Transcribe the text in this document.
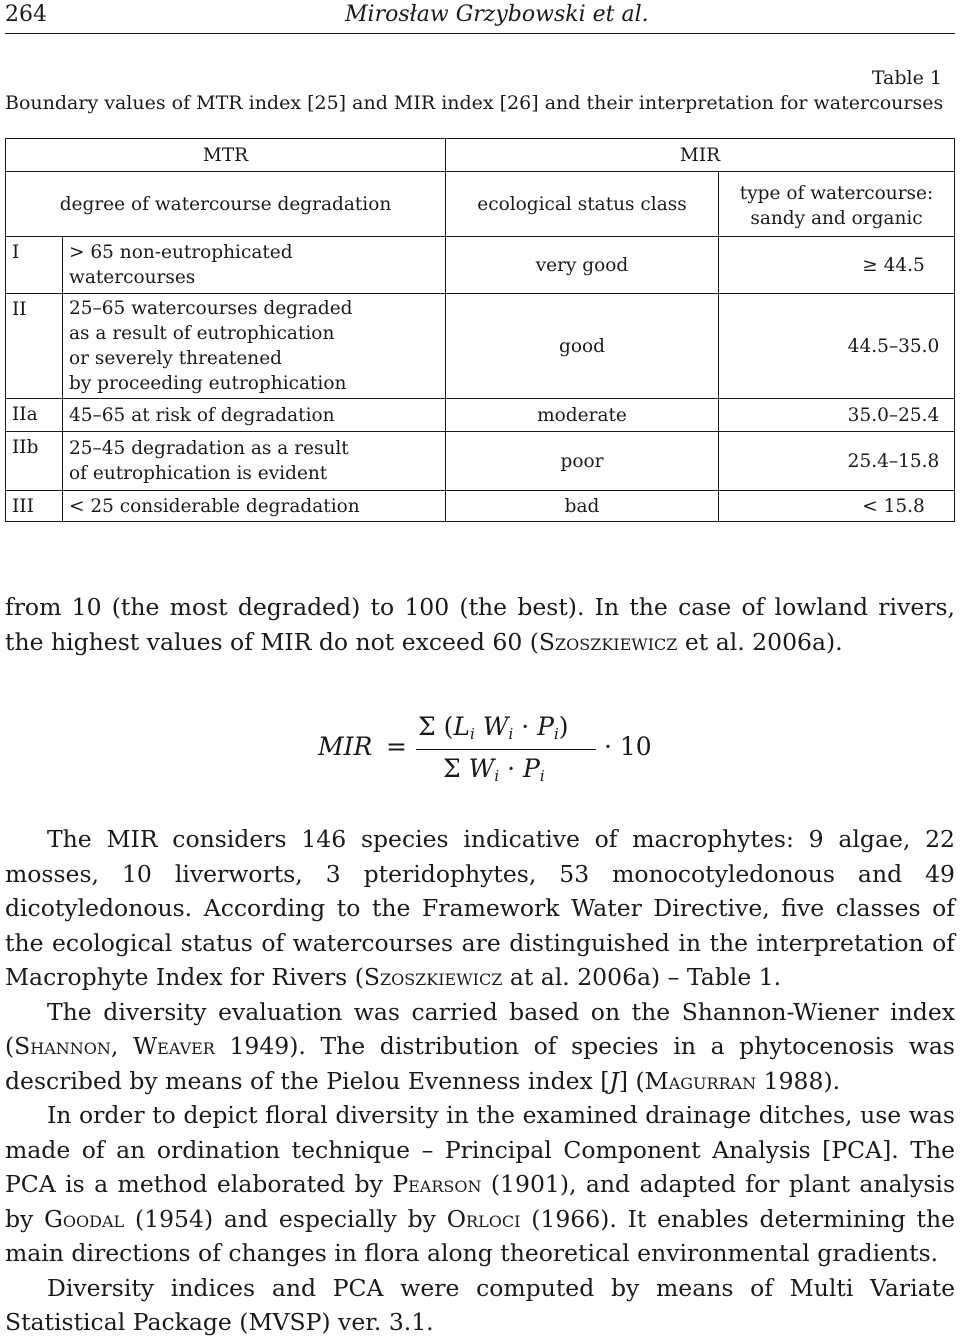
264	Mirosław Grzybowski et al.
Table 1
Boundary values of MTR index [25] and MIR index [26] and their interpretation for watercourses
MTR		MIR	
degree of watercourse degradation		ecological status class	type of watercourse:
sandy and organic

I	> 65 non-eutrophicated
watercourses	very good	≥ 44.5

II	25–65 watercourses degraded
as a result of eutrophication
or severely threatened
by proceeding eutrophication	good	44.5–35.0

IIa	45–65 at risk of degradation	moderate	35.0–25.4

IIb	25–45 degradation as a result
of eutrophication is evident	poor	25.4–15.8

III	< 25 considerable degradation	bad	< 15.8

from 10 (the most degraded) to 100 (the best). In the case of lowland rivers, the highest values of MIR do not exceed 60 (Szoszkiewicz et al. 2006a).

MIR =
Σ (Li Wi · Pi)
Σ Wi · Pi
· 10

The MIR considers 146 species indicative of macrophytes: 9 algae, 22 mosses, 10 liverworts, 3 pteridophytes, 53 monocotyledonous and 49 dicotyledonous. According to the Framework Water Directive, five classes of the ecological status of watercourses are distinguished in the interpretation of Macrophyte Index for Rivers (Szoszkiewicz at al. 2006a) – Table 1.

The diversity evaluation was carried based on the Shannon-Wiener index (Shannon, Weaver 1949). The distribution of species in a phytocenosis was described by means of the Pielou Evenness index [J] (Magurran 1988).

In order to depict floral diversity in the examined drainage ditches, use was made of an ordination technique – Principal Component Analysis [PCA]. The PCA is a method elaborated by Pearson (1901), and adapted for plant analysis by Goodal (1954) and especially by Orloci (1966). It enables determining the main directions of changes in flora along theoretical environmental gradients.

Diversity indices and PCA were computed by means of Multi Variate Statistical Package (MVSP) ver. 3.1.
